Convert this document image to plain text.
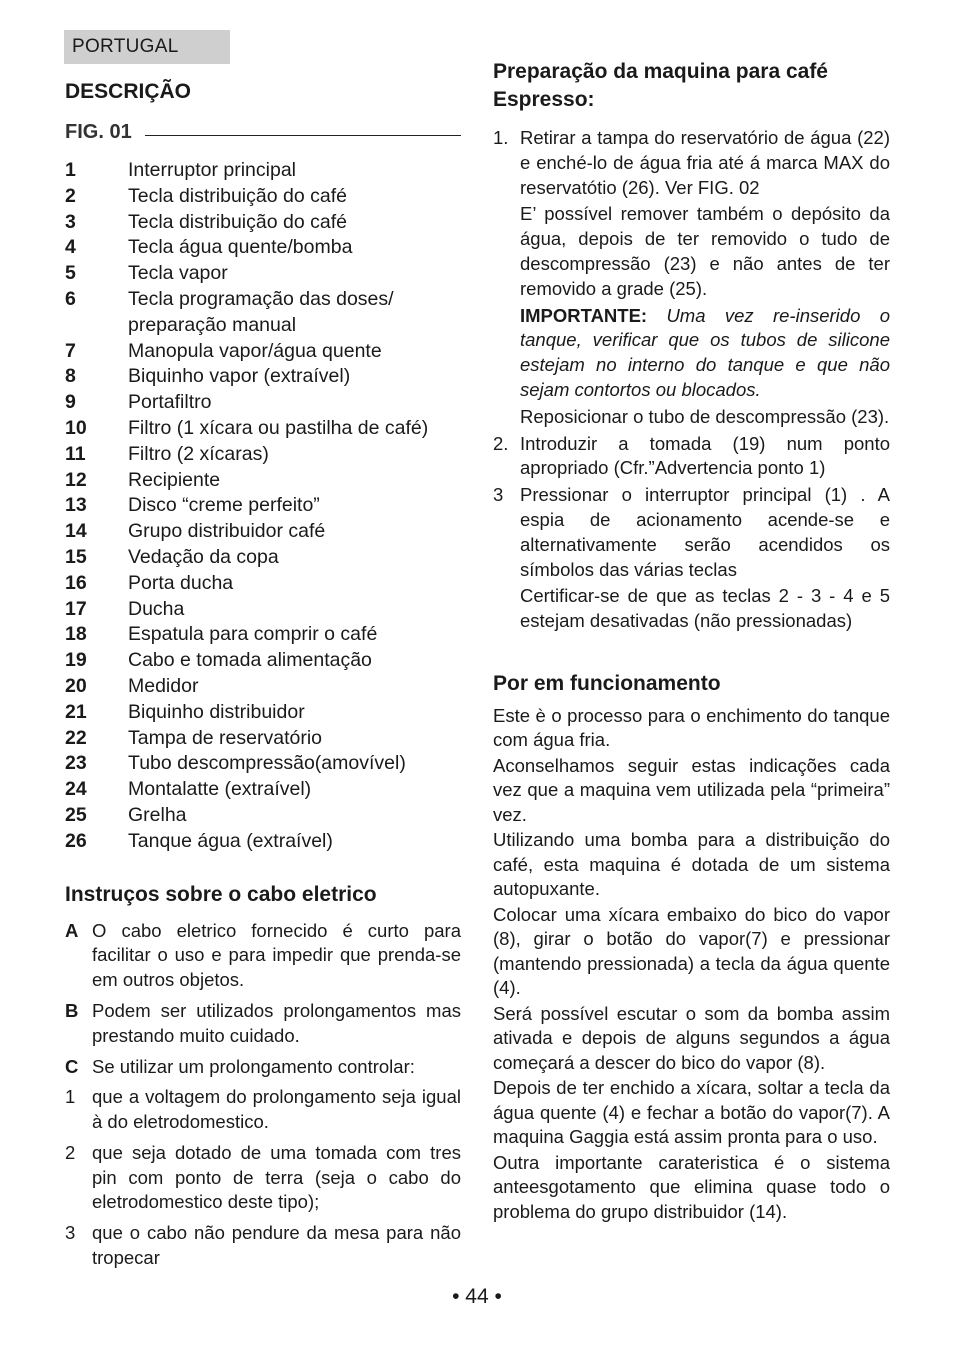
PORTUGAL
DESCRIÇÃO
FIG. 01
1	Interruptor principal
2	Tecla distribuição do café
3	Tecla distribuição do café
4	Tecla água quente/bomba
5	Tecla vapor
6	Tecla programação das doses/ preparação manual
7	Manopula vapor/água quente
8	Biquinho vapor (extraível)
9	Portafiltro
10	Filtro (1 xícara ou pastilha de café)
11	Filtro (2 xícaras)
12	Recipiente
13	Disco “creme perfeito”
14	Grupo distribuidor café
15	Vedação da copa
16	Porta ducha
17	Ducha
18	Espatula para comprir o café
19	Cabo e tomada alimentação
20	Medidor
21	Biquinho distribuidor
22	Tampa de reservatório
23	Tubo descompressão(amovível)
24	Montalatte (extraível)
25	Grelha
26	Tanque água (extraível)
Instruços sobre o cabo eletrico
A O cabo eletrico fornecido é curto para facilitar o uso e para impedir que prenda-se em outros objetos.
B Podem ser utilizados prolongamentos mas prestando muito cuidado.
C Se utilizar um prolongamento controlar:
1 que a voltagem do prolongamento seja igual à do eletrodomestico.
2 que seja dotado de uma tomada com tres pin com ponto de terra (seja o cabo do eletrodomestico deste tipo);
3 que o cabo não pendure da mesa para não tropecar
Preparação da maquina para café Espresso:
1. Retirar a tampa do reservatório de água (22) e enché-lo de água fria até á marca MAX do reservatótio (26). Ver FIG. 02
E’ possível remover também o depósito da água, depois de ter removido o tudo de descompressão (23) e não antes de ter removido a grade (25).
IMPORTANTE: Uma vez re-inserido o tanque, verificar que os tubos de silicone estejam no interno do tanque e que não sejam contortos ou blocados.
Reposicionar o tubo de descompressão (23).
2. Introduzir a tomada (19) num ponto apropriado (Cfr.”Advertencia ponto 1)
3 Pressionar o interruptor principal (1) . A espia de acionamento acende-se e alternativamente serão acendidos os símbolos das várias teclas
Certificar-se de que as teclas 2 - 3 - 4 e 5 estejam desativadas (não pressionadas)
Por em funcionamento

Este è o processo para o enchimento do tanque com água fria.

Aconselhamos seguir estas indicações cada vez que a maquina vem utilizada pela “primeira” vez.

Utilizando uma bomba para a distribuição do café, esta maquina é dotada de um sistema autopuxante.

Colocar uma xícara embaixo do bico do vapor (8), girar o botão do vapor(7) e pressionar (mantendo pressionada) a tecla da água quente (4).

Será possível escutar o som da bomba assim ativada e depois de alguns segundos a água começará a descer do bico do vapor (8).

Depois de ter enchido a xícara, soltar a tecla da água quente (4) e fechar a botão do vapor(7). A maquina Gaggia está assim pronta para o uso.

Outra importante carateristica é o sistema anteesgotamento que elimina quase todo o problema do grupo distribuidor (14).

• 44 •
